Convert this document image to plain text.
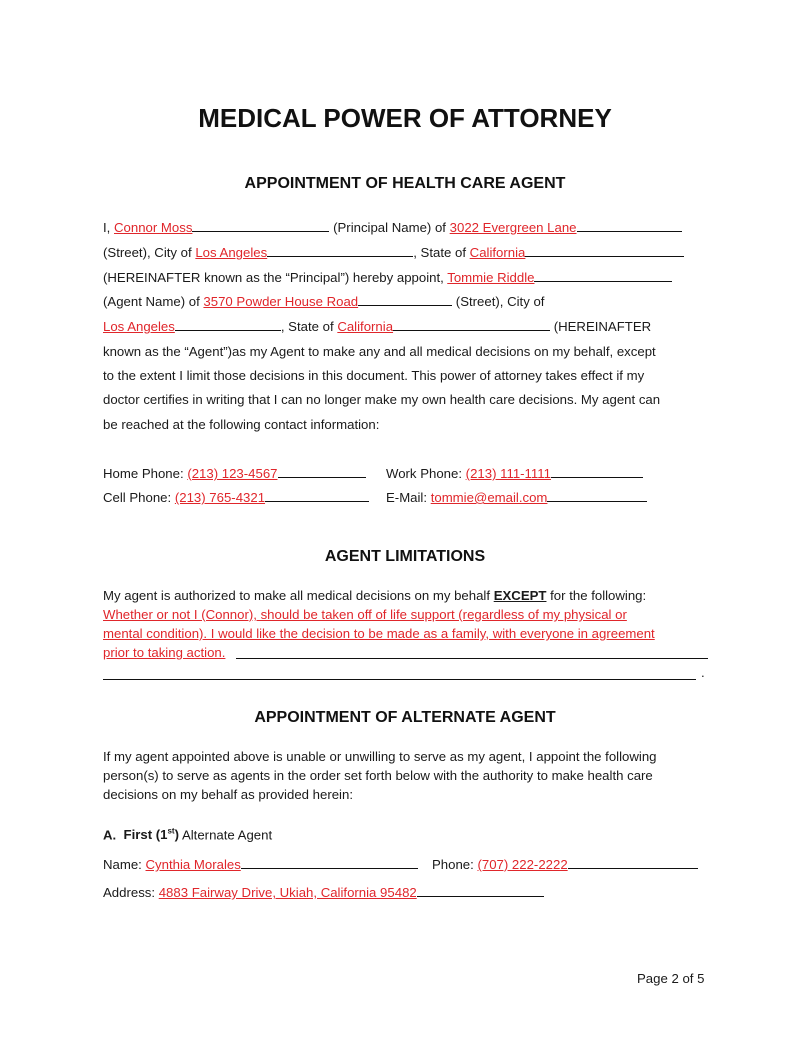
MEDICAL POWER OF ATTORNEY
APPOINTMENT OF HEALTH CARE AGENT
I, Connor Moss	(Principal Name) of 3022 Evergreen Lane
(Street), City of Los Angeles	, State of California
(HEREINAFTER known as the “Principal”) hereby appoint, Tommie Riddle
(Agent Name) of 3570 Powder House Road	(Street), City of
Los Angeles	, State of California	(HEREINAFTER
known as the “Agent”)as my Agent to make any and all medical decisions on my behalf, except
to the extent I limit those decisions in this document. This power of attorney takes effect if my
doctor certifies in writing that I can no longer make my own health care decisions. My agent can
be reached at the following contact information:
Home Phone: (213) 123-4567	Work Phone: (213) 111-1111
Cell Phone: (213) 765-4321	E-Mail: tommie@email.com
AGENT LIMITATIONS
My agent is authorized to make all medical decisions on my behalf EXCEPT for the following:
Whether or not I (Connor), should be taken off of life support (regardless of my physical or
mental condition). I would like the decision to be made as a family, with everyone in agreement
prior to taking action.
.
APPOINTMENT OF ALTERNATE AGENT
If my agent appointed above is unable or unwilling to serve as my agent, I appoint the following
person(s) to serve as agents in the order set forth below with the authority to make health care
decisions on my behalf as provided herein:
A. First (1st) Alternate Agent
Name: Cynthia Morales	Phone: (707) 222-2222
Address: 4883 Fairway Drive, Ukiah, California 95482
Page 2 of 5
